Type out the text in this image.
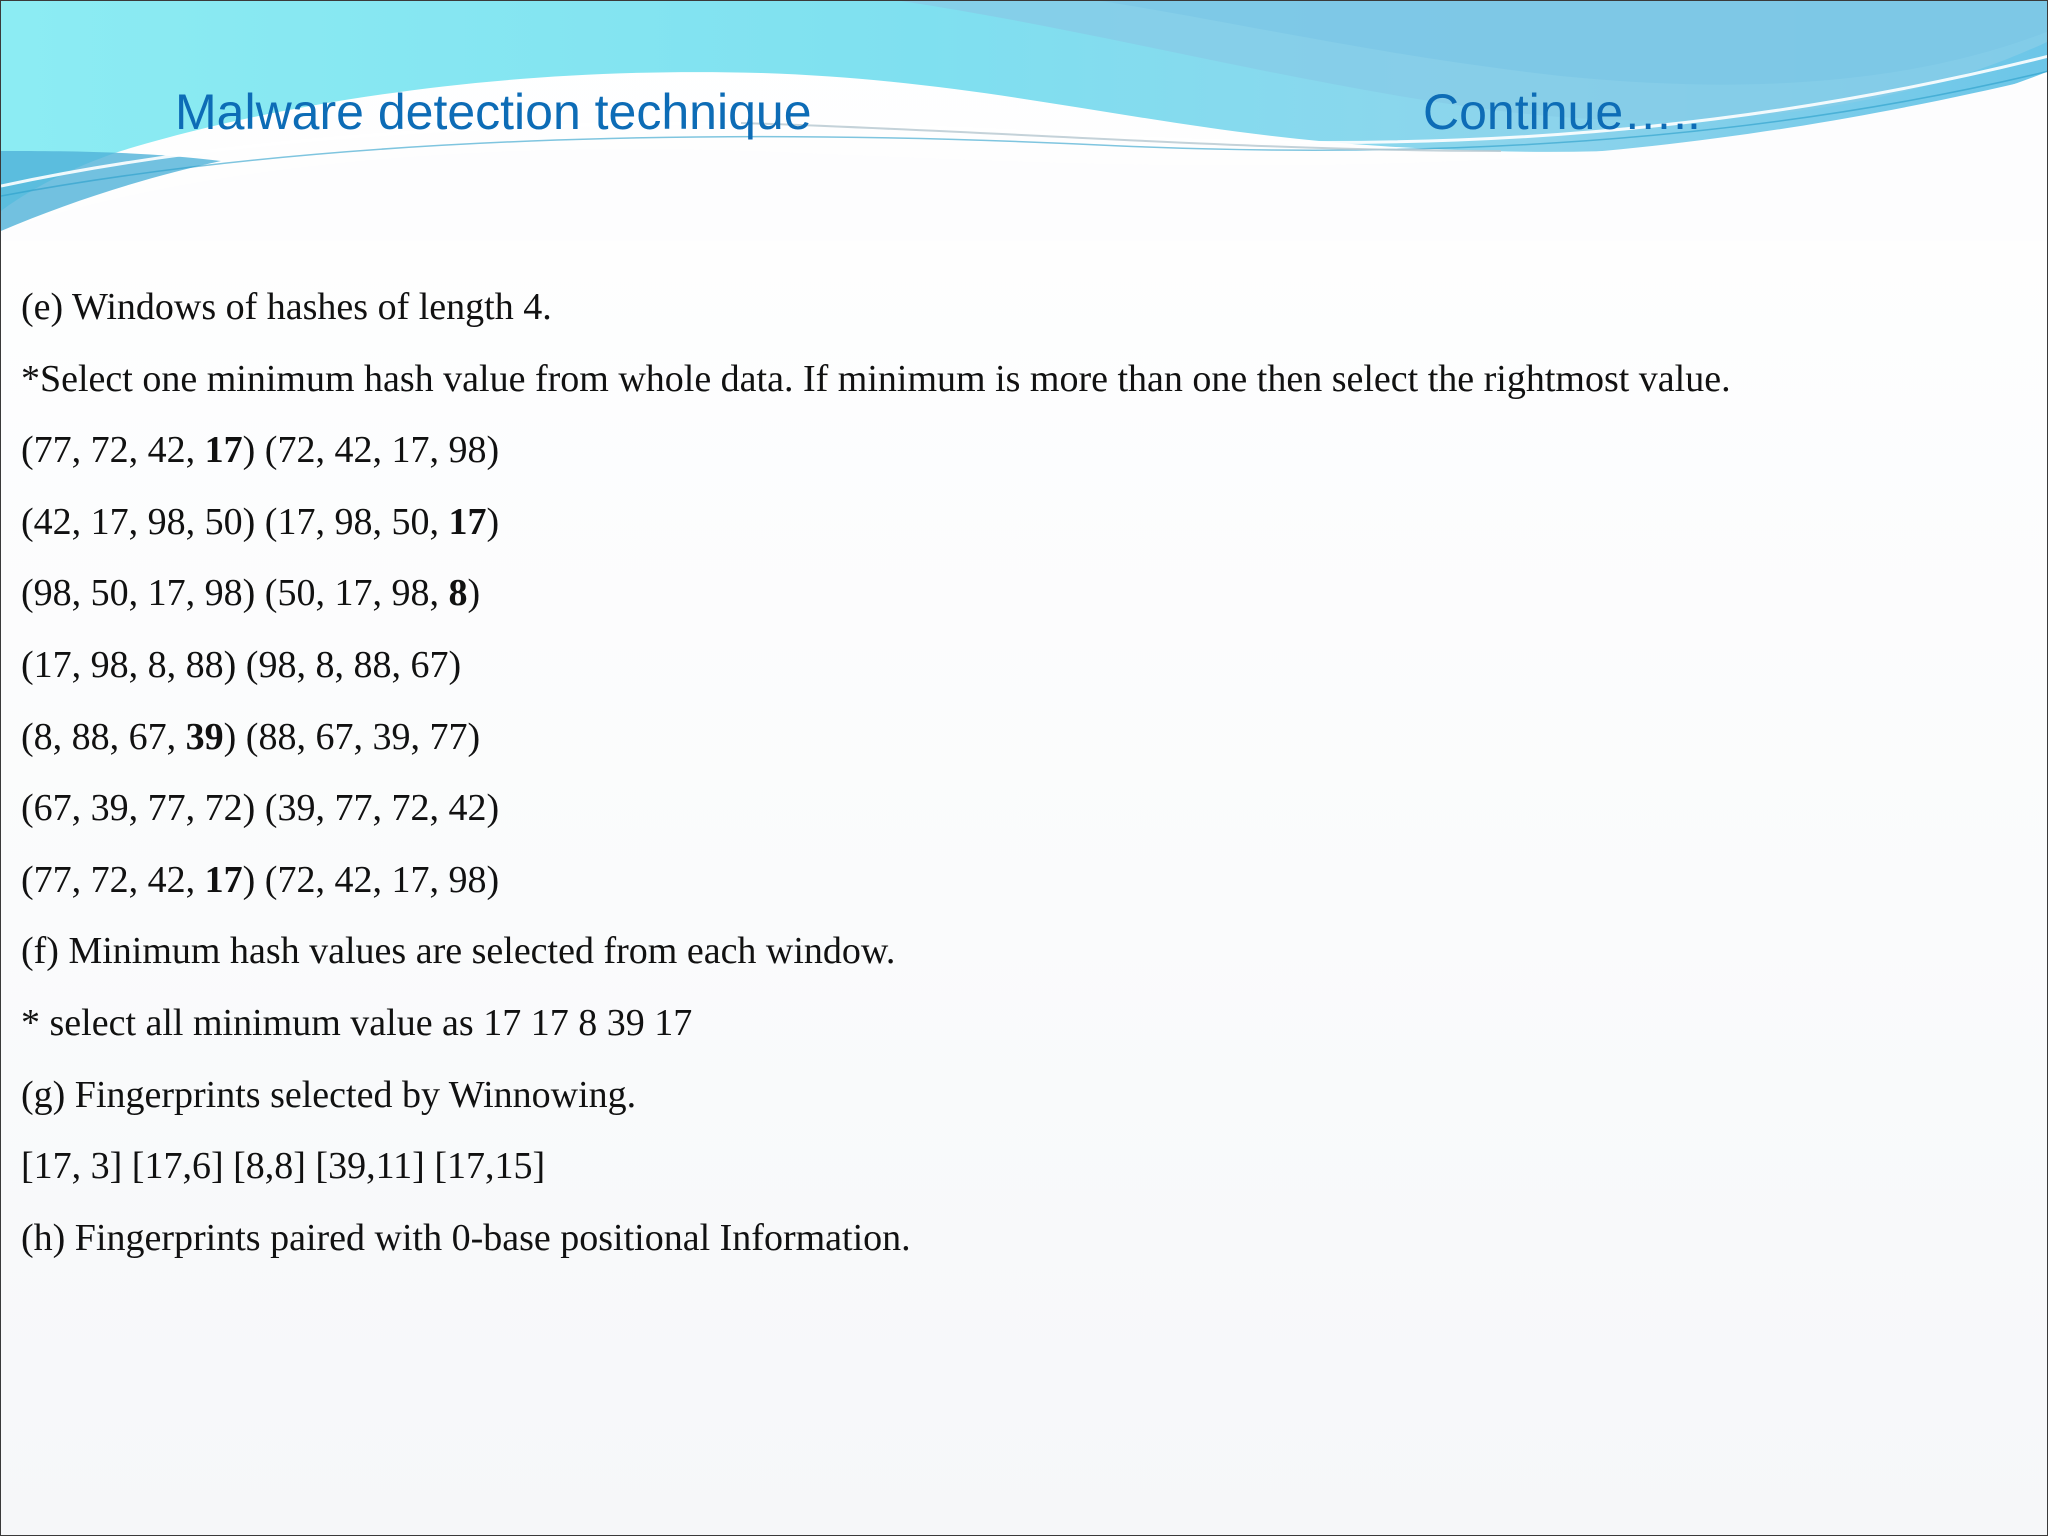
Malware detection technique	Continue…..
(e) Windows of hashes of length 4.
*Select one minimum hash value from whole data. If minimum is more than one then select the rightmost value.
(77, 72, 42, 17) (72, 42, 17, 98)
(42, 17, 98, 50) (17, 98, 50, 17)
(98, 50, 17, 98) (50, 17, 98, 8)
(17, 98, 8, 88) (98, 8, 88, 67)
(8, 88, 67, 39) (88, 67, 39, 77)
(67, 39, 77, 72) (39, 77, 72, 42)
(77, 72, 42, 17) (72, 42, 17, 98)
(f) Minimum hash values are selected from each window.
* select all minimum value as 17 17 8 39 17
(g) Fingerprints selected by Winnowing.
[17, 3] [17,6] [8,8] [39,11] [17,15]
(h) Fingerprints paired with 0-base positional Information.
